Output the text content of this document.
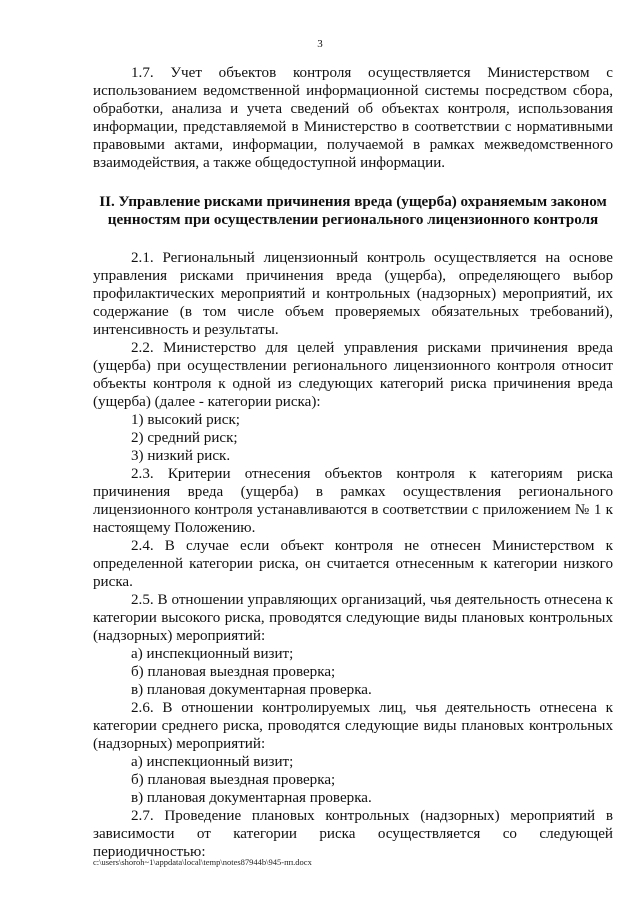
3

1.7. Учет объектов контроля осуществляется Министерством с использованием ведомственной информационной системы посредством сбора, обработки, анализа и учета сведений об объектах контроля, использования информации, представляемой в Министерство в соответствии с нормативными правовыми актами, информации, получаемой в рамках межведомственного взаимодействия, а также общедоступной информации.

II. Управление рисками причинения вреда (ущерба) охраняемым законом ценностям при осуществлении регионального лицензионного контроля

2.1. Региональный лицензионный контроль осуществляется на основе управления рисками причинения вреда (ущерба), определяющего выбор профилактических мероприятий и контрольных (надзорных) мероприятий, их содержание (в том числе объем проверяемых обязательных требований), интенсивность и результаты.

2.2. Министерство для целей управления рисками причинения вреда (ущерба) при осуществлении регионального лицензионного контроля относит объекты контроля к одной из следующих категорий риска причинения вреда (ущерба) (далее - категории риска):

1) высокий риск;

2) средний риск;

3) низкий риск.

2.3. Критерии отнесения объектов контроля к категориям риска причинения вреда (ущерба) в рамках осуществления регионального лицензионного контроля устанавливаются в соответствии с приложением № 1 к настоящему Положению.

2.4. В случае если объект контроля не отнесен Министерством к определенной категории риска, он считается отнесенным к категории низкого риска.

2.5. В отношении управляющих организаций, чья деятельность отнесена к категории высокого риска, проводятся следующие виды плановых контрольных (надзорных) мероприятий:

а) инспекционный визит;

б) плановая выездная проверка;

в) плановая документарная проверка.

2.6. В отношении контролируемых лиц, чья деятельность отнесена к категории среднего риска, проводятся следующие виды плановых контрольных (надзорных) мероприятий:

а) инспекционный визит;

б) плановая выездная проверка;

в) плановая документарная проверка.

2.7. Проведение плановых контрольных (надзорных) мероприятий в зависимости от категории риска осуществляется со следующей периодичностью:

c:\users\shoroh~1\appdata\local\temp\notes87944b\945-пп.docx
